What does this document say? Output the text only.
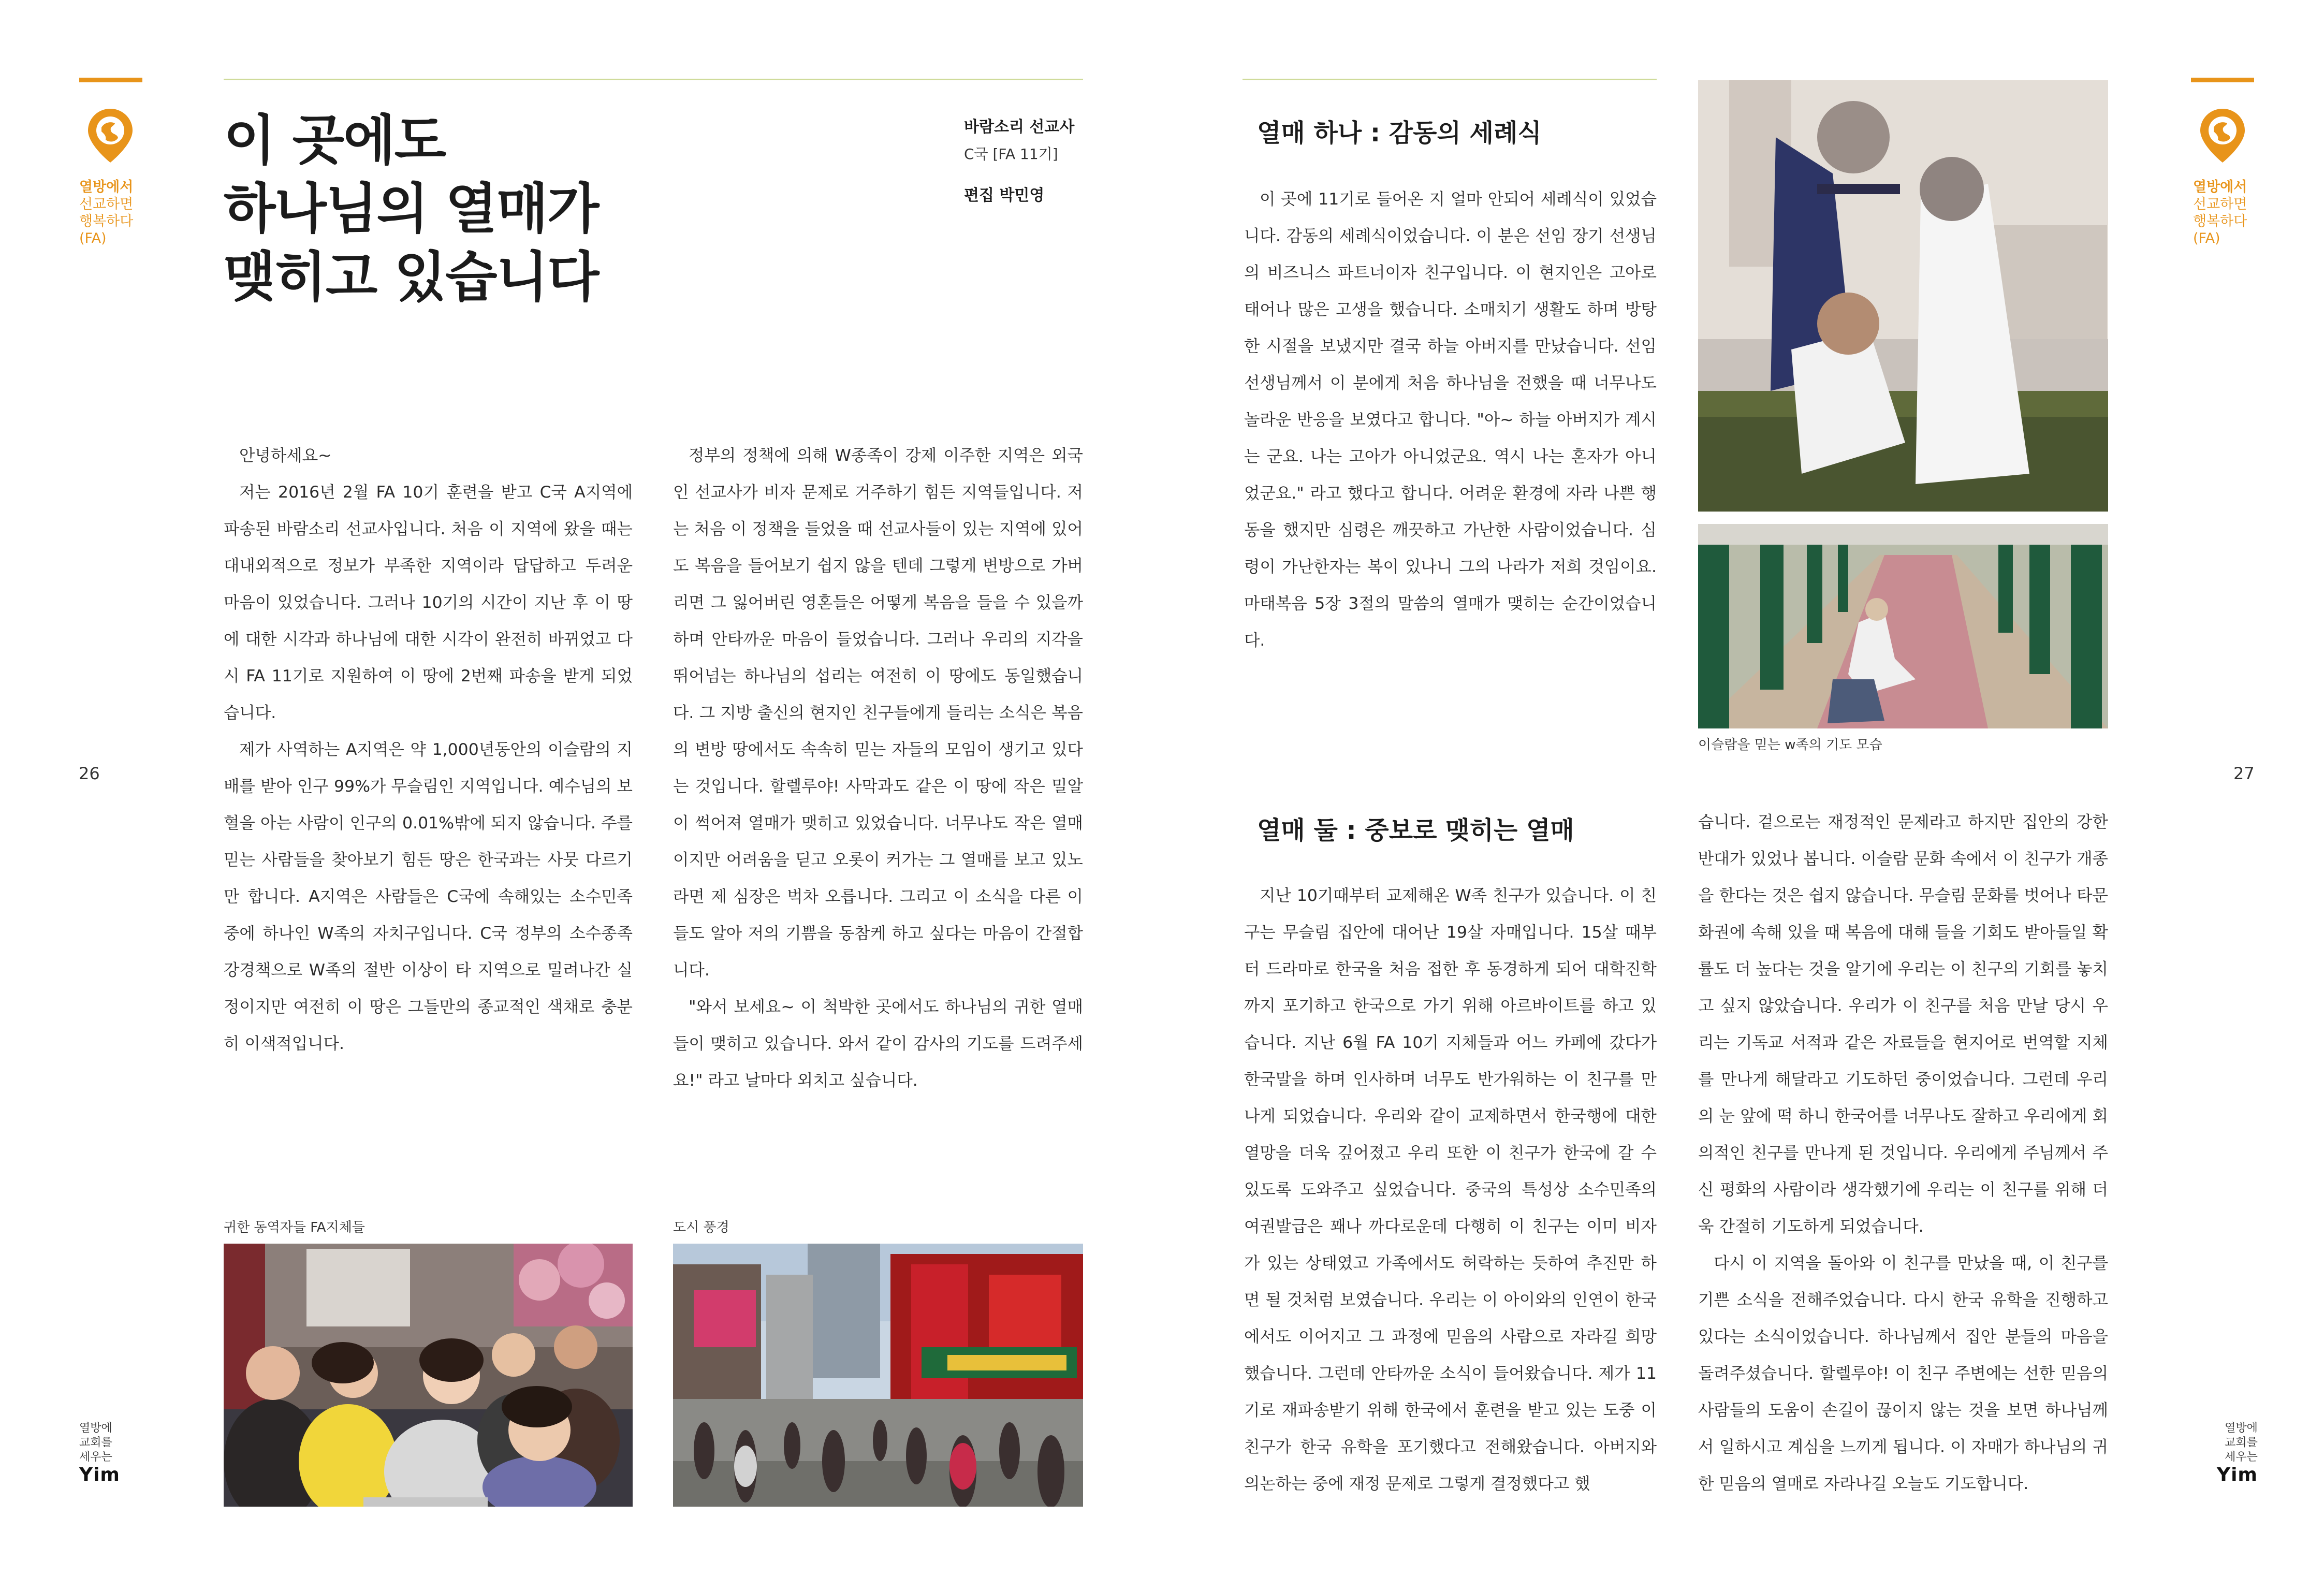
열방에서
선교하면
행복하다
(FA)
26
열방에
교회를
세우는
Yim
이 곳에도
하나님의 열매가
맺히고 있습니다
바람소리 선교사
C국 [FA 11기]
편집 박민영

안녕하세요~

저는 2016년 2월 FA 10기 훈련을 받고 C국 A지역에 파송된 바람소리 선교사입니다. 처음 이 지역에 왔을 때는 대내외적으로 정보가 부족한 지역이라 답답하고 두려운 마음이 있었습니다. 그러나 10기의 시간이 지난 후 이 땅에 대한 시각과 하나님에 대한 시각이 완전히 바뀌었고 다시 FA 11기로 지원하여 이 땅에 2번째 파송을 받게 되었습니다.

제가 사역하는 A지역은 약 1,000년동안의 이슬람의 지배를 받아 인구 99%가 무슬림인 지역입니다. 예수님의 보혈을 아는 사람이 인구의 0.01%밖에 되지 않습니다. 주를 믿는 사람들을 찾아보기 힘든 땅은 한국과는 사뭇 다르기만 합니다. A지역은 사람들은 C국에 속해있는 소수민족 중에 하나인 W족의 자치구입니다. C국 정부의 소수종족 강경책으로 W족의 절반 이상이 타 지역으로 밀려나간 실정이지만 여전히 이 땅은 그들만의 종교적인 색채로 충분히 이색적입니다.

정부의 정책에 의해 W종족이 강제 이주한 지역은 외국인 선교사가 비자 문제로 거주하기 힘든 지역들입니다. 저는 처음 이 정책을 들었을 때 선교사들이 있는 지역에 있어도 복음을 들어보기 쉽지 않을 텐데 그렇게 변방으로 가버리면 그 잃어버린 영혼들은 어떻게 복음을 들을 수 있을까 하며 안타까운 마음이 들었습니다. 그러나 우리의 지각을 뛰어넘는 하나님의 섭리는 여전히 이 땅에도 동일했습니다. 그 지방 출신의 현지인 친구들에게 들리는 소식은 복음의 변방 땅에서도 속속히 믿는 자들의 모임이 생기고 있다는 것입니다. 할렐루야! 사막과도 같은 이 땅에 작은 밀알이 썩어져 열매가 맺히고 있었습니다. 너무나도 작은 열매이지만 어려움을 딛고 오롯이 커가는 그 열매를 보고 있노라면 제 심장은 벅차 오릅니다. 그리고 이 소식을 다른 이들도 알아 저의 기쁨을 동참케 하고 싶다는 마음이 간절합니다.

"와서 보세요~ 이 척박한 곳에서도 하나님의 귀한 열매들이 맺히고 있습니다. 와서 같이 감사의 기도를 드려주세요!" 라고 날마다 외치고 싶습니다.

귀한 동역자들 FA지체들	도시 풍경
열매 하나 : 감동의 세례식

이 곳에 11기로 들어온 지 얼마 안되어 세례식이 있었습니다. 감동의 세례식이었습니다. 이 분은 선임 장기 선생님의 비즈니스 파트너이자 친구입니다. 이 현지인은 고아로 태어나 많은 고생을 했습니다. 소매치기 생활도 하며 방탕한 시절을 보냈지만 결국 하늘 아버지를 만났습니다. 선임 선생님께서 이 분에게 처음 하나님을 전했을 때 너무나도 놀라운 반응을 보였다고 합니다. "아~ 하늘 아버지가 계시는 군요. 나는 고아가 아니었군요. 역시 나는 혼자가 아니었군요." 라고 했다고 합니다. 어려운 환경에 자라 나쁜 행동을 했지만 심령은 깨끗하고 가난한 사람이었습니다. 심령이 가난한자는 복이 있나니 그의 나라가 저희 것임이요. 마태복음 5장 3절의 말씀의 열매가 맺히는 순간이었습니다.

이슬람을 믿는 w족의 기도 모습
열매 둘 : 중보로 맺히는 열매

지난 10기때부터 교제해온 W족 친구가 있습니다. 이 친구는 무슬림 집안에 대어난 19살 자매입니다. 15살 때부터 드라마로 한국을 처음 접한 후 동경하게 되어 대학진학까지 포기하고 한국으로 가기 위해 아르바이트를 하고 있습니다. 지난 6월 FA 10기 지체들과 어느 카페에 갔다가 한국말을 하며 인사하며 너무도 반가워하는 이 친구를 만나게 되었습니다. 우리와 같이 교제하면서 한국행에 대한 열망을 더욱 깊어졌고 우리 또한 이 친구가 한국에 갈 수 있도록 도와주고 싶었습니다. 중국의 특성상 소수민족의 여권발급은 꽤나 까다로운데 다행히 이 친구는 이미 비자가 있는 상태였고 가족에서도 허락하는 듯하여 추진만 하면 될 것처럼 보였습니다. 우리는 이 아이와의 인연이 한국에서도 이어지고 그 과정에 믿음의 사람으로 자라길 희망했습니다. 그런데 안타까운 소식이 들어왔습니다. 제가 11기로 재파송받기 위해 한국에서 훈련을 받고 있는 도중 이 친구가 한국 유학을 포기했다고 전해왔습니다. 아버지와 의논하는 중에 재정 문제로 그렇게 결정했다고 했

습니다. 겉으로는 재정적인 문제라고 하지만 집안의 강한 반대가 있었나 봅니다. 이슬람 문화 속에서 이 친구가 개종을 한다는 것은 쉽지 않습니다. 무슬림 문화를 벗어나 타문화권에 속해 있을 때 복음에 대해 들을 기회도 받아들일 확률도 더 높다는 것을 알기에 우리는 이 친구의 기회를 놓치고 싶지 않았습니다. 우리가 이 친구를 처음 만날 당시 우리는 기독교 서적과 같은 자료들을 현지어로 번역할 지체를 만나게 해달라고 기도하던 중이었습니다. 그런데 우리의 눈 앞에 떡 하니 한국어를 너무나도 잘하고 우리에게 회의적인 친구를 만나게 된 것입니다. 우리에게 주님께서 주신 평화의 사람이라 생각했기에 우리는 이 친구를 위해 더욱 간절히 기도하게 되었습니다.

다시 이 지역을 돌아와 이 친구를 만났을 때, 이 친구를 기쁜 소식을 전해주었습니다. 다시 한국 유학을 진행하고 있다는 소식이었습니다. 하나님께서 집안 분들의 마음을 돌려주셨습니다. 할렐루야! 이 친구 주변에는 선한 믿음의 사람들의 도움이 손길이 끊이지 않는 것을 보면 하나님께서 일하시고 계심을 느끼게 됩니다. 이 자매가 하나님의 귀한 믿음의 열매로 자라나길 오늘도 기도합니다.

열방에서
선교하면
행복하다
(FA)
27
열방에
교회를
세우는
Yim
